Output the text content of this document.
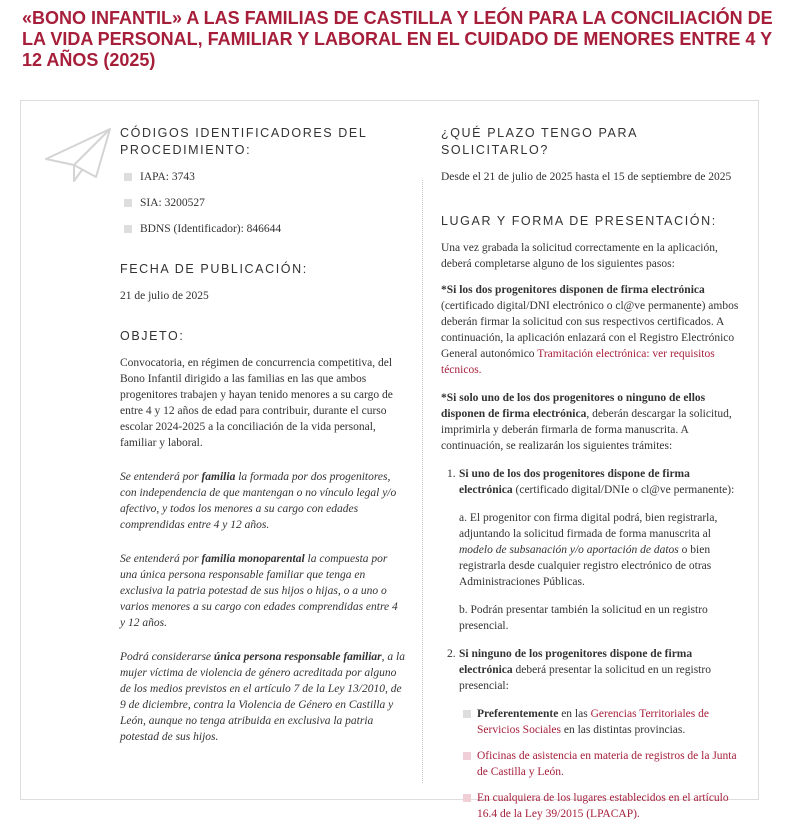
«BONO INFANTIL» A LAS FAMILIAS DE CASTILLA Y LEÓN PARA LA CONCILIACIÓN DE LA VIDA PERSONAL, FAMILIAR Y LABORAL EN EL CUIDADO DE MENORES ENTRE 4 Y 12 AÑOS (2025)
CÓDIGOS IDENTIFICADORES DEL PROCEDIMIENTO:
IAPA: 3743
SIA: 3200527
BDNS (Identificador): 846644
FECHA DE PUBLICACIÓN:

21 de julio de 2025

OBJETO:

Convocatoria, en régimen de concurrencia competitiva, del Bono Infantil dirigido a las familias en las que ambos progenitores trabajen y hayan tenido menores a su cargo de entre 4 y 12 años de edad para contribuir, durante el curso escolar 2024-2025 a la conciliación de la vida personal, familiar y laboral.

Se entenderá por familia la formada por dos progenitores, con independencia de que mantengan o no vínculo legal y/o afectivo, y todos los menores a su cargo con edades comprendidas entre 4 y 12 años.

Se entenderá por familia monoparental la compuesta por una única persona responsable familiar que tenga en exclusiva la patria potestad de sus hijos o hijas, o a uno o varios menores a su cargo con edades comprendidas entre 4 y 12 años.

Podrá considerarse única persona responsable familiar, a la mujer víctima de violencia de género acreditada por alguno de los medios previstos en el artículo 7 de la Ley 13/2010, de 9 de diciembre, contra la Violencia de Género en Castilla y León, aunque no tenga atribuida en exclusiva la patria potestad de sus hijos.

¿QUÉ PLAZO TENGO PARA SOLICITARLO?

Desde el 21 de julio de 2025 hasta el 15 de septiembre de 2025

LUGAR Y FORMA DE PRESENTACIÓN:

Una vez grabada la solicitud correctamente en la aplicación, deberá completarse alguno de los siguientes pasos:

*Si los dos progenitores disponen de firma electrónica (certificado digital/DNI electrónico o cl@ve permanente) ambos deberán firmar la solicitud con sus respectivos certificados. A continuación, la aplicación enlazará con el Registro Electrónico General autonómico Tramitación electrónica: ver requisitos técnicos.

*Si solo uno de los dos progenitores o ninguno de ellos disponen de firma electrónica, deberán descargar la solicitud, imprimirla y deberán firmarla de forma manuscrita. A continuación, se realizarán los siguientes trámites:

1. Si uno de los dos progenitores dispone de firma electrónica (certificado digital/DNIe o cl@ve permanente):

a. El progenitor con firma digital podrá, bien registrarla, adjuntando la solicitud firmada de forma manuscrita al modelo de subsanación y/o aportación de datos o bien registrarla desde cualquier registro electrónico de otras Administraciones Públicas.

b. Podrán presentar también la solicitud en un registro presencial.

2. Si ninguno de los progenitores dispone de firma electrónica deberá presentar la solicitud en un registro presencial:

Preferentemente en las Gerencias Territoriales de Servicios Sociales en las distintas provincias.
Oficinas de asistencia en materia de registros de la Junta de Castilla y León.
En cualquiera de los lugares establecidos en el artículo 16.4 de la Ley 39/2015 (LPACAP).
